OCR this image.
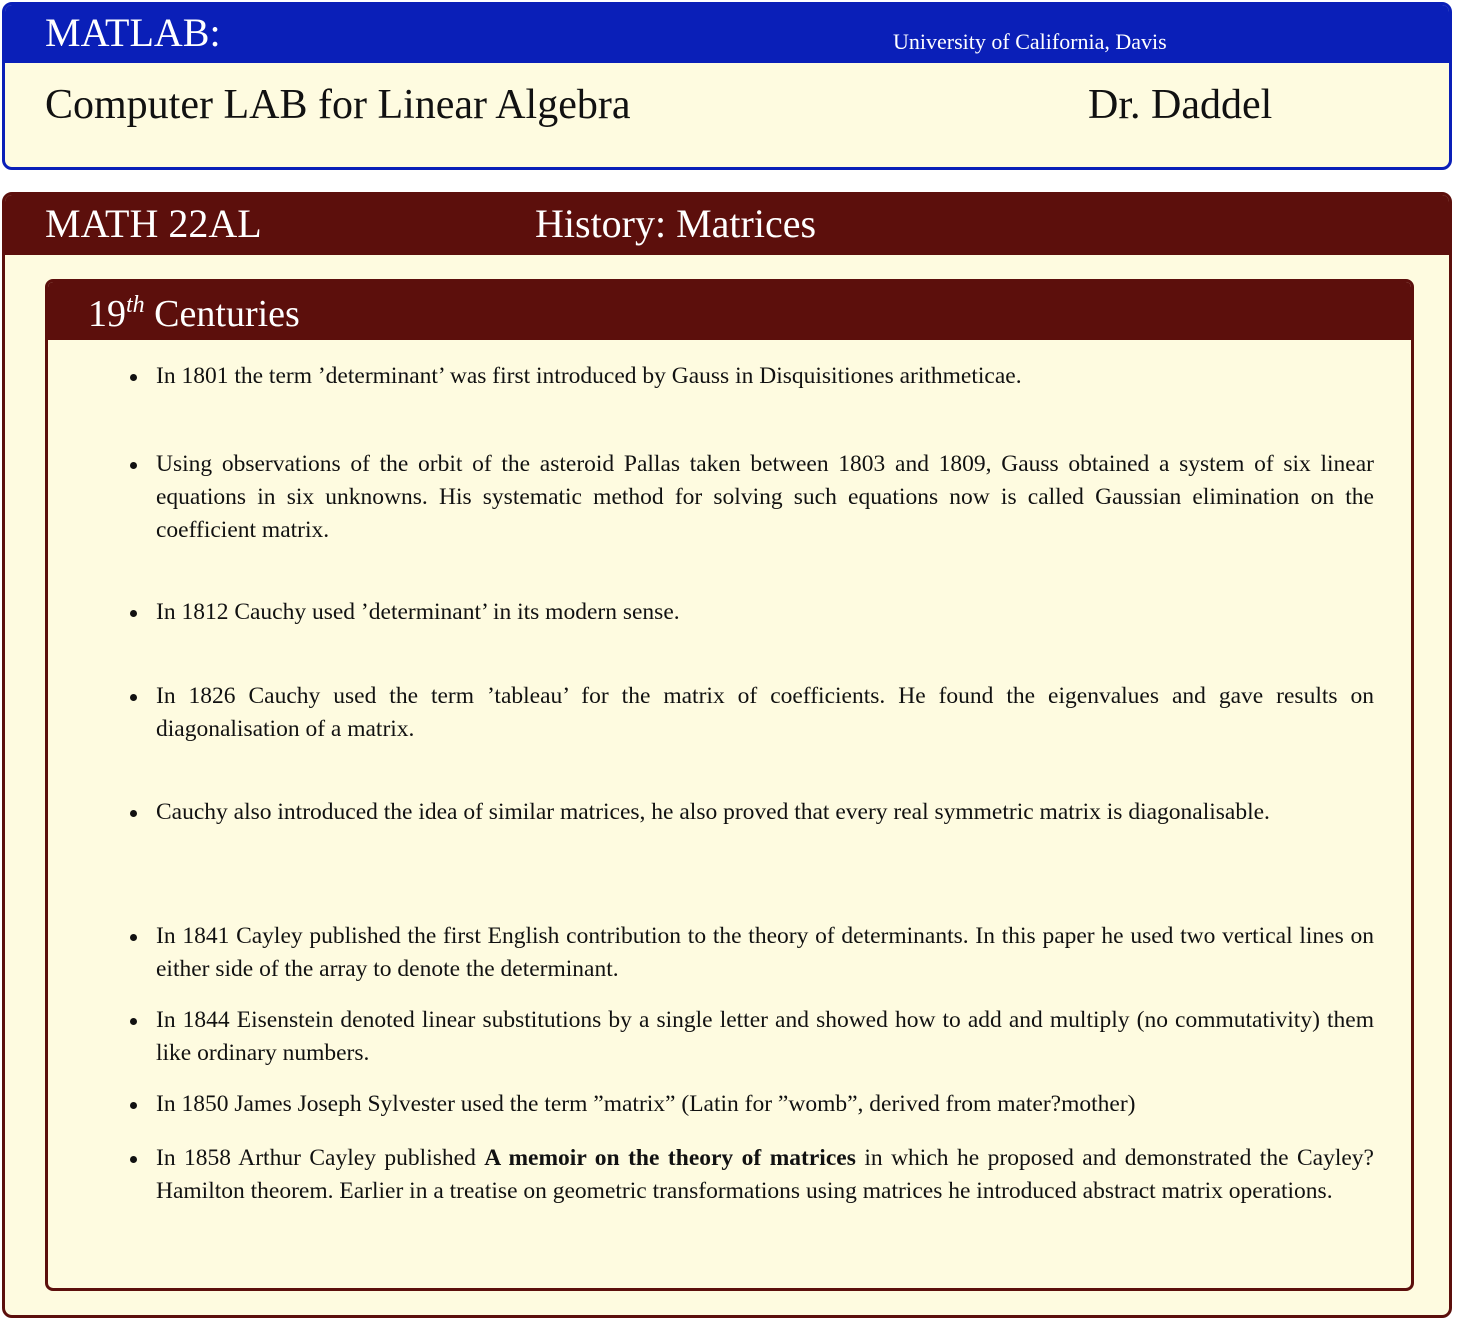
MATLAB:	University of California, Davis
Computer LAB for Linear Algebra	Dr. Daddel
MATH 22AL	History: Matrices
19th Centuries
In 1801 the term ’determinant’ was first introduced by Gauss in Disquisitiones arithmeticae.
Using observations of the orbit of the asteroid Pallas taken between 1803 and 1809, Gauss obtained a system of six linear equations in six unknowns. His systematic method for solving such equations now is called Gaussian elimination on the coefficient matrix.
In 1812 Cauchy used ’determinant’ in its modern sense.
In 1826 Cauchy used the term ’tableau’ for the matrix of coefficients. He found the eigenvalues and gave results on diagonalisation of a matrix.
Cauchy also introduced the idea of similar matrices, he also proved that every real symmetric matrix is diagonalisable.
In 1841 Cayley published the first English contribution to the theory of determinants. In this paper he used two vertical lines on either side of the array to denote the determinant.
In 1844 Eisenstein denoted linear substitutions by a single letter and showed how to add and multiply (no commutativity) them like ordinary numbers.
In 1850 James Joseph Sylvester used the term ”matrix” (Latin for ”womb”, derived from mater?mother)
In 1858 Arthur Cayley published A memoir on the theory of matrices in which he proposed and demonstrated the Cayley?Hamilton theorem. Earlier in a treatise on geometric transformations using matrices he introduced abstract matrix operations.
